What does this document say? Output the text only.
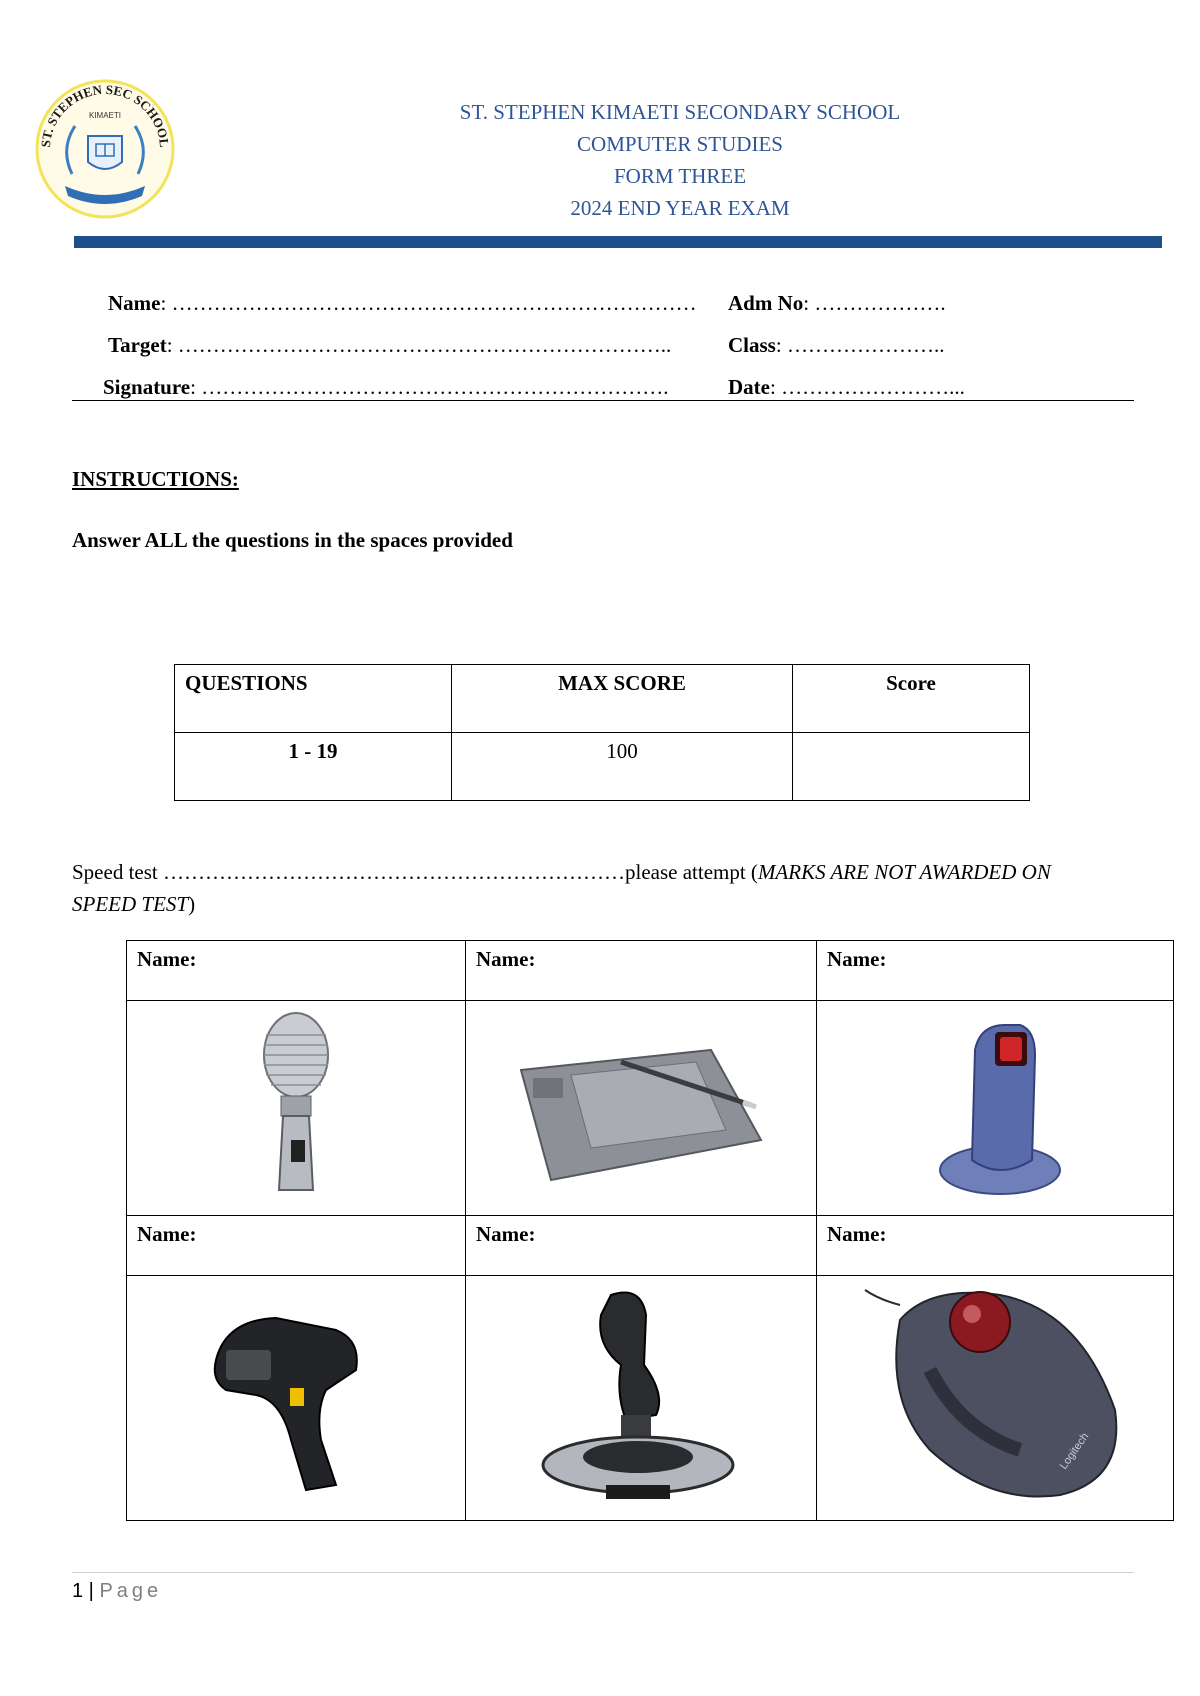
ST. STEPHEN SEC SCHOOL
KIMAETI	ST. STEPHEN KIMAETI SECONDARY SCHOOL
COMPUTER STUDIES
FORM THREE
2024 END YEAR EXAM
Name: ………………………………………………………………… Adm No: ……………….
Target: ……………………………………………………………..	Class: …………………..
Signature: ………………………………………………………….	Date: ……………………...
INSTRUCTIONS:
Answer ALL the questions in the spaces provided
QUESTIONS	MAX SCORE	Score
1 - 19	100	
Speed test …………………………………………………………please attempt (MARKS ARE NOT AWARDED ON SPEED TEST)
Name:	Name:	Name:

Name:	Name:	Name:

Logitech
1 | Page
